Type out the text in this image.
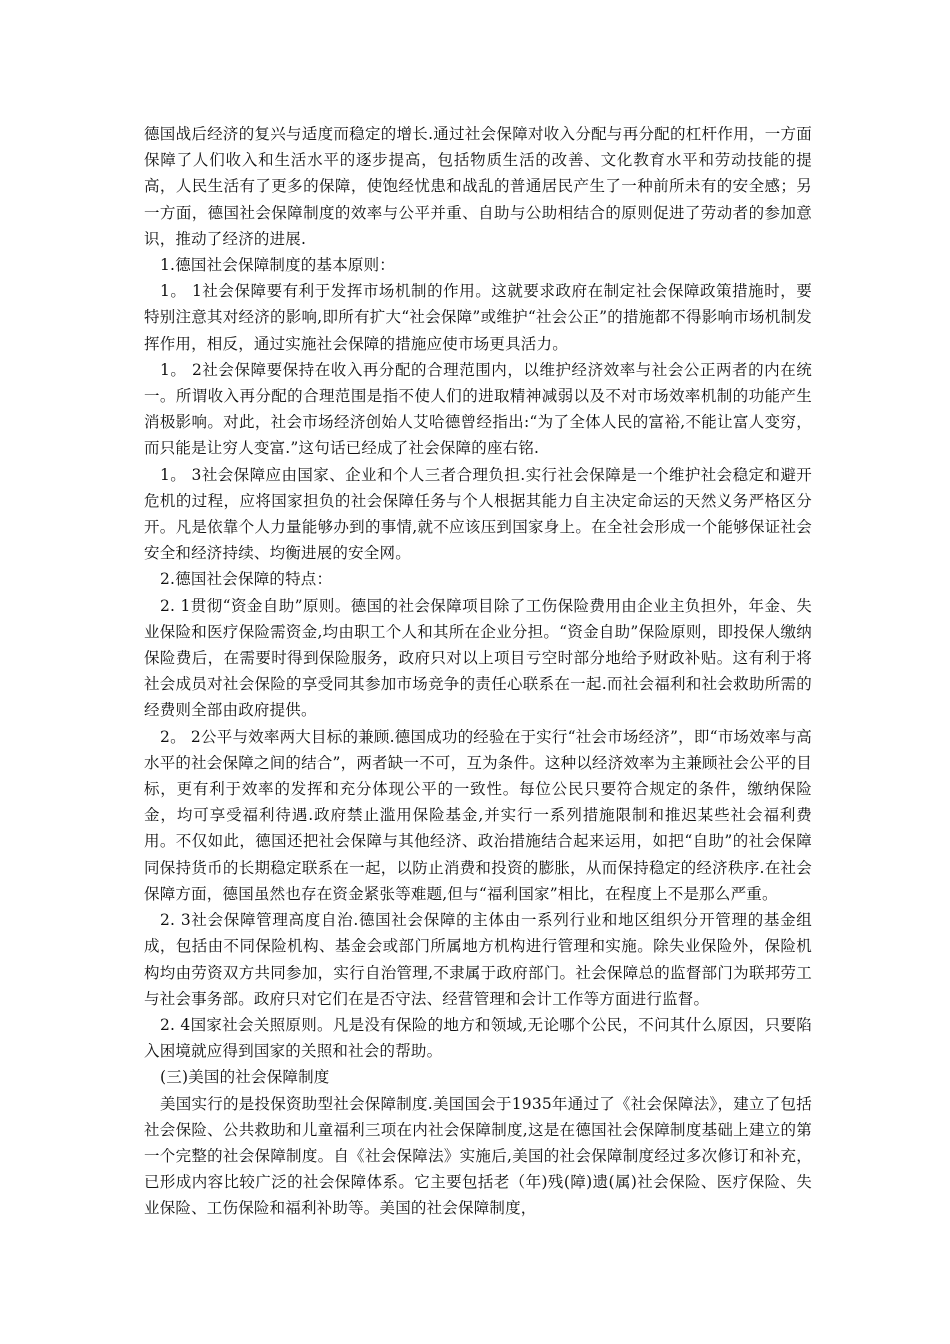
德国战后经济的复兴与适度而稳定的增长.通过社会保障对收入分配与再分配的杠杆作用，一方面保障了人们收入和生活水平的逐步提高，包括物质生活的改善、文化教育水平和劳动技能的提高，人民生活有了更多的保障，使饱经忧患和战乱的普通居民产生了一种前所未有的安全感；另一方面，德国社会保障制度的效率与公平并重、自助与公助相结合的原则促进了劳动者的参加意识，推动了经济的进展.

1.德国社会保障制度的基本原则：

1。 1社会保障要有利于发挥市场机制的作用。这就要求政府在制定社会保障政策措施时，要特别注意其对经济的影响,即所有扩大“社会保障”或维护“社会公正”的措施都不得影响市场机制发挥作用，相反，通过实施社会保障的措施应使市场更具活力。

1。 2社会保障要保持在收入再分配的合理范围内，以维护经济效率与社会公正两者的内在统一。所谓收入再分配的合理范围是指不使人们的进取精神减弱以及不对市场效率机制的功能产生消极影响。对此，社会市场经济创始人艾哈德曾经指出:“为了全体人民的富裕,不能让富人变穷，而只能是让穷人变富.”这句话已经成了社会保障的座右铭.

1。 3社会保障应由国家、企业和个人三者合理负担.实行社会保障是一个维护社会稳定和避开危机的过程，应将国家担负的社会保障任务与个人根据其能力自主决定命运的天然义务严格区分开。凡是依靠个人力量能够办到的事情,就不应该压到国家身上。在全社会形成一个能够保证社会安全和经济持续、均衡进展的安全网。

2.德国社会保障的特点：

2. 1贯彻“资金自助”原则。德国的社会保障项目除了工伤保险费用由企业主负担外，年金、失业保险和医疗保险需资金,均由职工个人和其所在企业分担。“资金自助”保险原则，即投保人缴纳保险费后，在需要时得到保险服务，政府只对以上项目亏空时部分地给予财政补贴。这有利于将社会成员对社会保险的享受同其参加市场竞争的责任心联系在一起.而社会福利和社会救助所需的经费则全部由政府提供。

2。 2公平与效率两大目标的兼顾.德国成功的经验在于实行“社会市场经济”，即“市场效率与高水平的社会保障之间的结合”，两者缺一不可，互为条件。这种以经济效率为主兼顾社会公平的目标，更有利于效率的发挥和充分体现公平的一致性。每位公民只要符合规定的条件，缴纳保险金，均可享受福利待遇.政府禁止滥用保险基金,并实行一系列措施限制和推迟某些社会福利费用。不仅如此，德国还把社会保障与其他经济、政治措施结合起来运用，如把“自助”的社会保障同保持货币的长期稳定联系在一起，以防止消费和投资的膨胀，从而保持稳定的经济秩序.在社会保障方面，德国虽然也存在资金紧张等难题,但与“福利国家”相比，在程度上不是那么严重。

2. 3社会保障管理高度自治.德国社会保障的主体由一系列行业和地区组织分开管理的基金组成，包括由不同保险机构、基金会或部门所属地方机构进行管理和实施。除失业保险外，保险机构均由劳资双方共同参加，实行自治管理,不隶属于政府部门。社会保障总的监督部门为联邦劳工与社会事务部。政府只对它们在是否守法、经营管理和会计工作等方面进行监督。

2. 4国家社会关照原则。凡是没有保险的地方和领域,无论哪个公民，不问其什么原因，只要陷入困境就应得到国家的关照和社会的帮助。

(三)美国的社会保障制度

美国实行的是投保资助型社会保障制度.美国国会于1935年通过了《社会保障法》，建立了包括社会保险、公共救助和儿童福利三项在内社会保障制度,这是在德国社会保障制度基础上建立的第一个完整的社会保障制度。自《社会保障法》实施后,美国的社会保障制度经过多次修订和补充，已形成内容比较广泛的社会保障体系。它主要包括老（年)残(障)遗(属)社会保险、医疗保险、失业保险、工伤保险和福利补助等。美国的社会保障制度，
